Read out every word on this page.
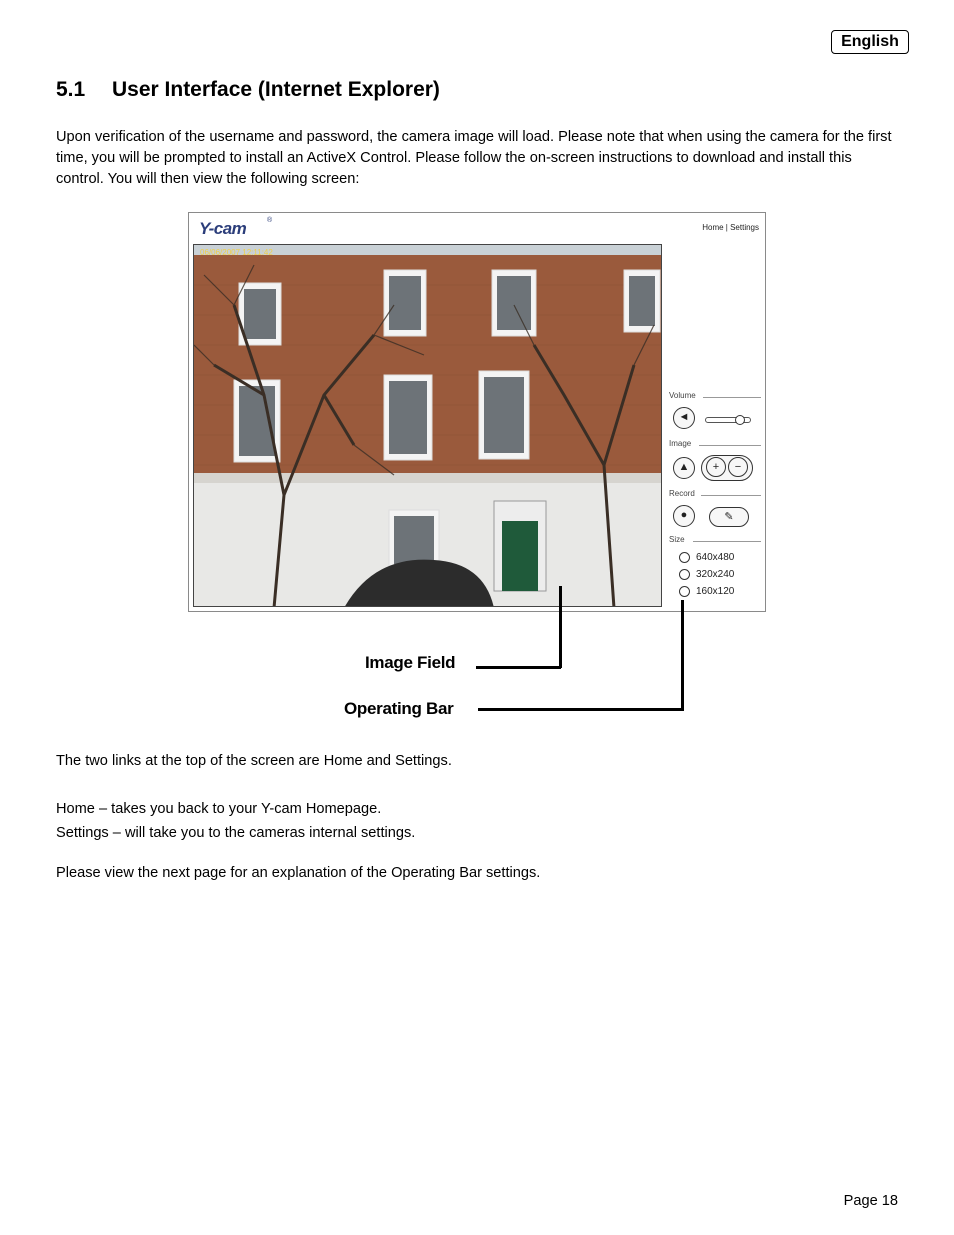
English
5.1 User Interface (Internet Explorer)

Upon verification of the username and password, the camera image will load. Please note that when using the camera for the first time, you will be prompted to install an ActiveX Control. Please follow the on-screen instructions to download and install this control. You will then view the following screen:

Y-cam	®
Home | Settings
06/06/2007 12:11:42
Volume
◄
Image
▲	+ −
Record
●	✎
Size
640x480
320x240
160x120
Image Field
Operating Bar

The two links at the top of the screen are Home and Settings.

Home – takes you back to your Y-cam Homepage.

Settings – will take you to the cameras internal settings.

Please view the next page for an explanation of the Operating Bar settings.

Page 18
